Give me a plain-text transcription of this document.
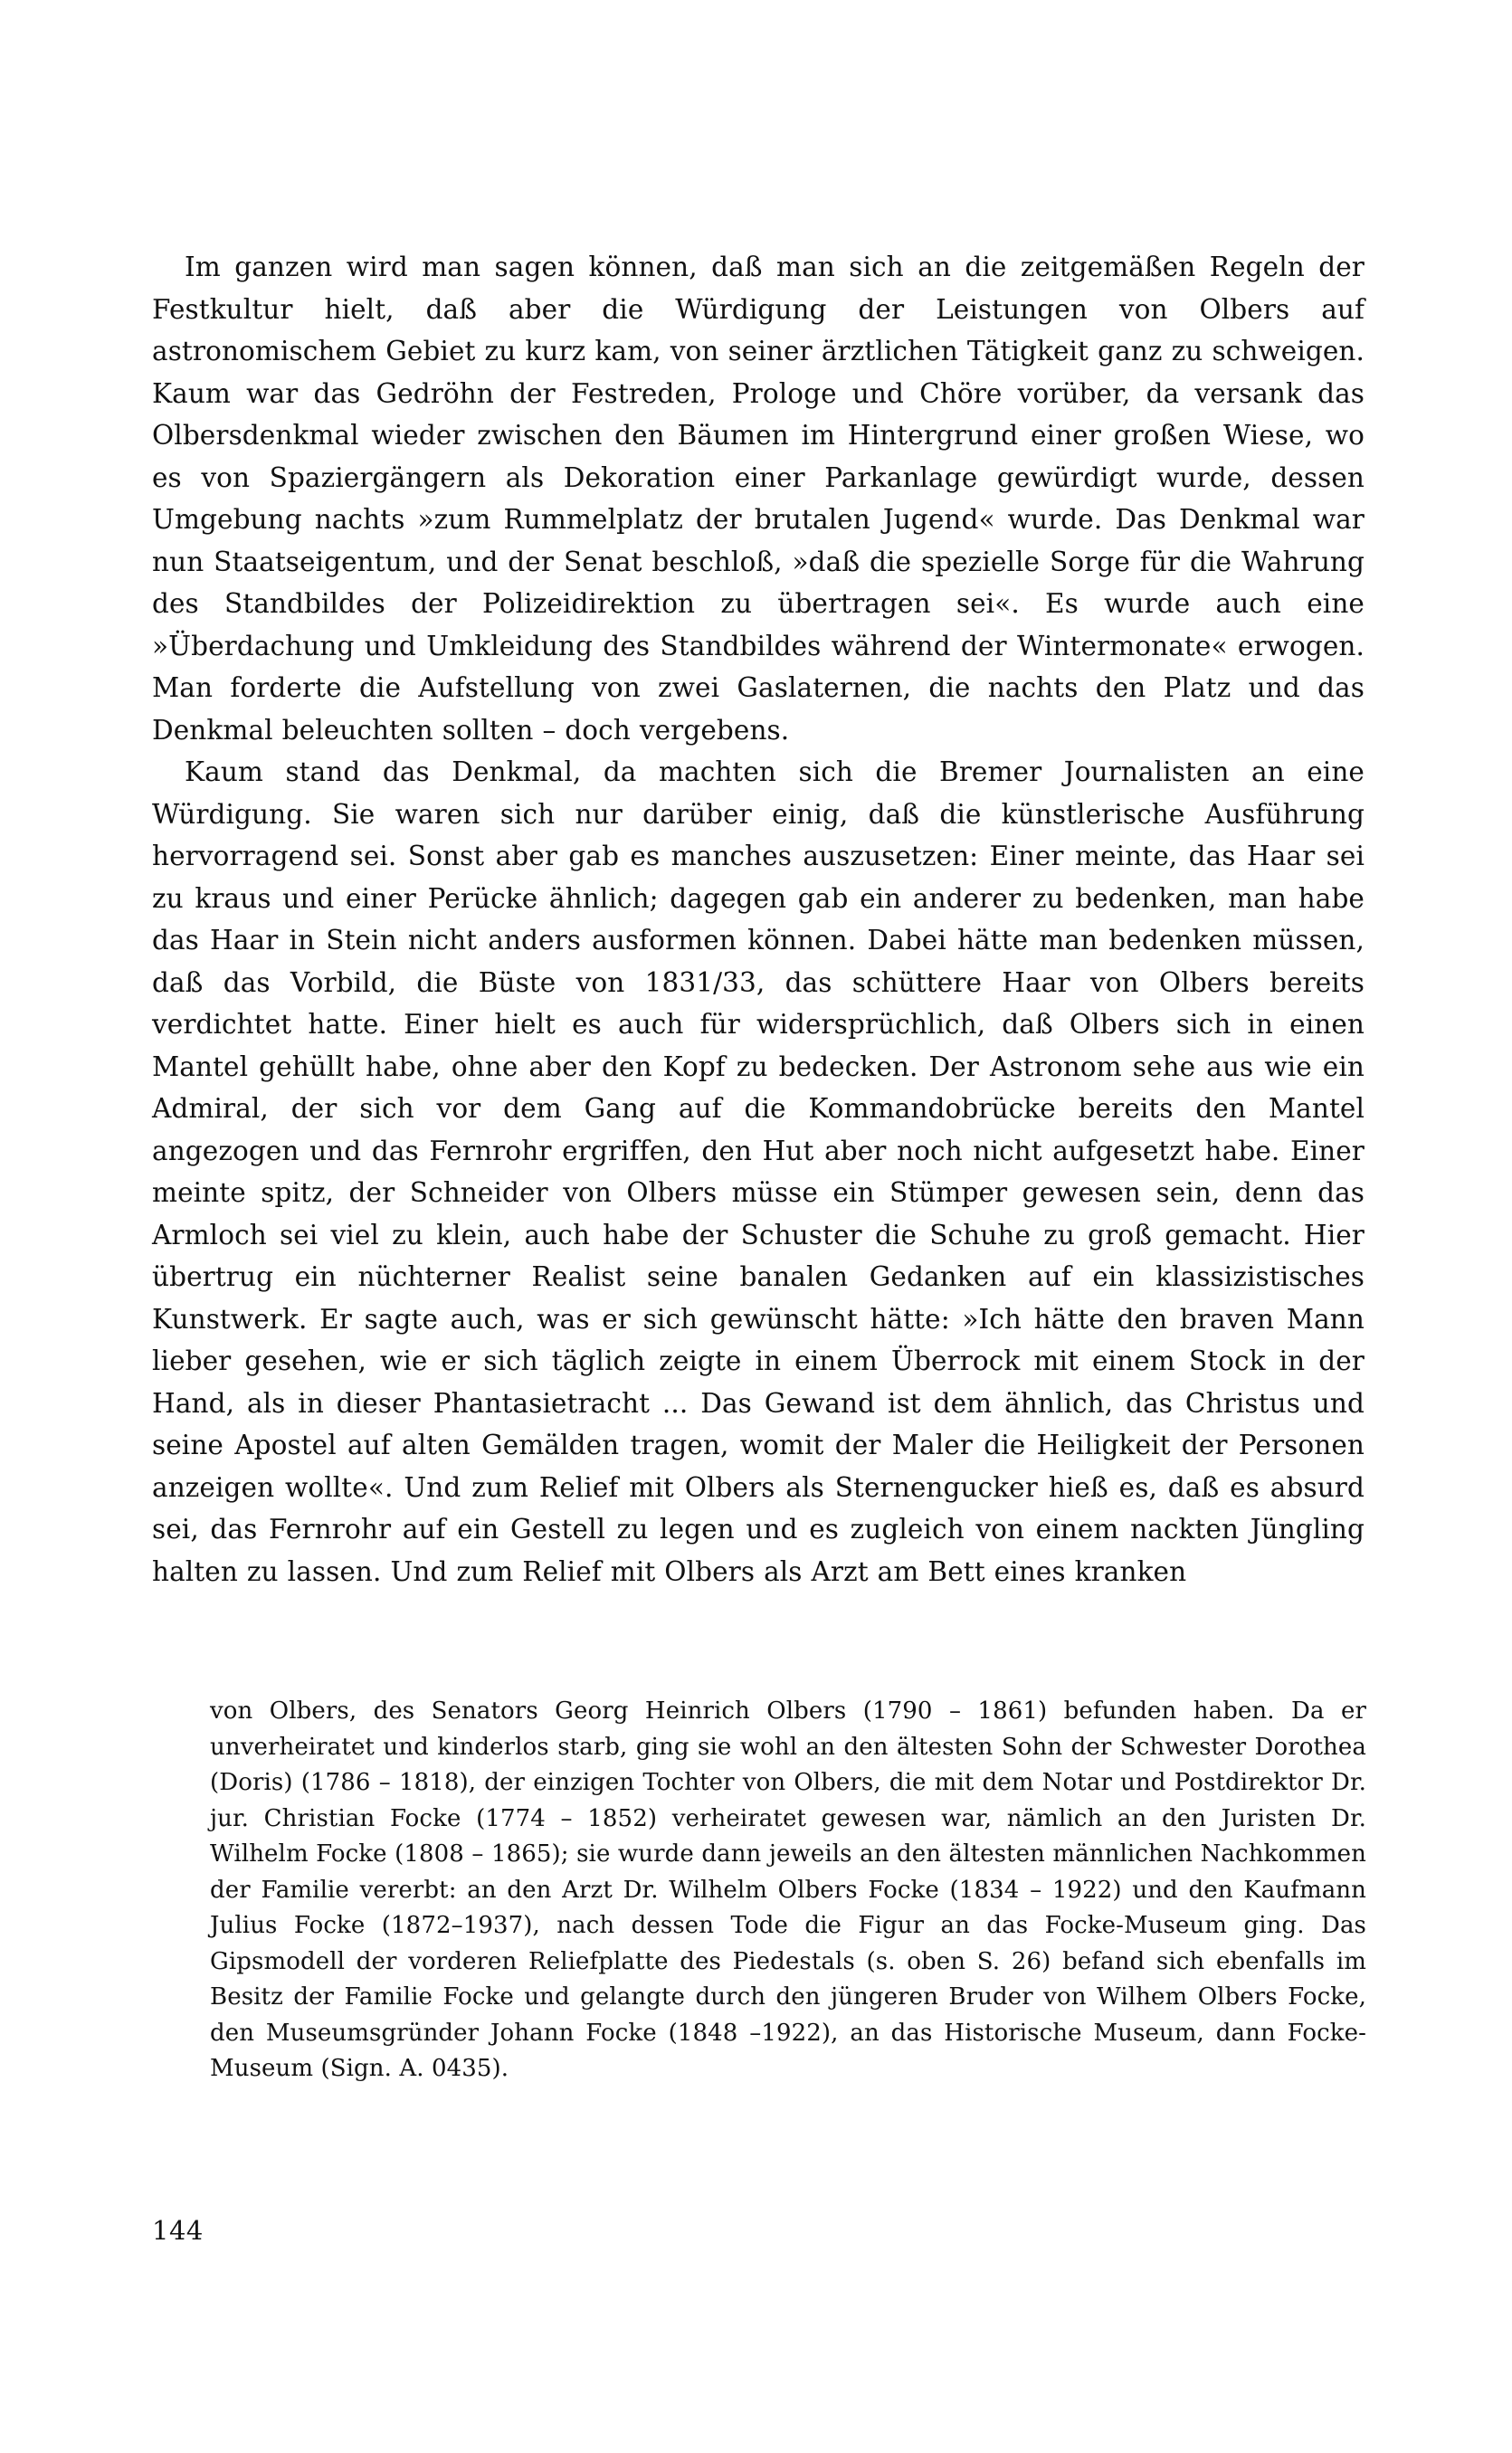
Im ganzen wird man sagen können, daß man sich an die zeitgemäßen Regeln der Festkultur hielt, daß aber die Würdigung der Leistungen von Olbers auf astronomischem Gebiet zu kurz kam, von seiner ärztlichen Tätigkeit ganz zu schweigen. Kaum war das Gedröhn der Festreden, Prologe und Chöre vorüber, da versank das Olbersdenkmal wieder zwischen den Bäumen im Hintergrund einer großen Wiese, wo es von Spaziergängern als Dekoration einer Parkanlage gewürdigt wurde, dessen Umgebung nachts »zum Rummelplatz der brutalen Jugend« wurde. Das Denkmal war nun Staatseigentum, und der Senat beschloß, »daß die spezielle Sorge für die Wahrung des Standbildes der Polizeidirektion zu übertragen sei«. Es wurde auch eine »Überdachung und Umkleidung des Standbildes während der Wintermonate« erwogen. Man forderte die Aufstellung von zwei Gaslaternen, die nachts den Platz und das Denkmal beleuchten sollten – doch vergebens.

Kaum stand das Denkmal, da machten sich die Bremer Journalisten an eine Würdigung. Sie waren sich nur darüber einig, daß die künstlerische Ausführung hervorragend sei. Sonst aber gab es manches auszusetzen: Einer meinte, das Haar sei zu kraus und einer Perücke ähnlich; dagegen gab ein anderer zu bedenken, man habe das Haar in Stein nicht anders ausformen können. Dabei hätte man bedenken müssen, daß das Vorbild, die Büste von 1831/33, das schüttere Haar von Olbers bereits verdichtet hatte. Einer hielt es auch für widersprüchlich, daß Olbers sich in einen Mantel gehüllt habe, ohne aber den Kopf zu bedecken. Der Astronom sehe aus wie ein Admiral, der sich vor dem Gang auf die Kommandobrücke bereits den Mantel angezogen und das Fernrohr ergriffen, den Hut aber noch nicht aufgesetzt habe. Einer meinte spitz, der Schneider von Olbers müsse ein Stümper gewesen sein, denn das Armloch sei viel zu klein, auch habe der Schuster die Schuhe zu groß gemacht. Hier übertrug ein nüchterner Realist seine banalen Gedanken auf ein klassizistisches Kunstwerk. Er sagte auch, was er sich gewünscht hätte: »Ich hätte den braven Mann lieber gesehen, wie er sich täglich zeigte in einem Überrock mit einem Stock in der Hand, als in dieser Phantasietracht ... Das Gewand ist dem ähnlich, das Christus und seine Apostel auf alten Gemälden tragen, womit der Maler die Heiligkeit der Personen anzeigen wollte«. Und zum Relief mit Olbers als Sternengucker hieß es, daß es absurd sei, das Fernrohr auf ein Gestell zu legen und es zugleich von einem nackten Jüngling halten zu lassen. Und zum Relief mit Olbers als Arzt am Bett eines kranken

von Olbers, des Senators Georg Heinrich Olbers (1790 – 1861) befunden haben. Da er unverheiratet und kinderlos starb, ging sie wohl an den ältesten Sohn der Schwester Dorothea (Doris) (1786 – 1818), der einzigen Tochter von Olbers, die mit dem Notar und Postdirektor Dr. jur. Christian Focke (1774 – 1852) verheiratet gewesen war, nämlich an den Juristen Dr. Wilhelm Focke (1808 – 1865); sie wurde dann jeweils an den ältesten männlichen Nachkommen der Familie vererbt: an den Arzt Dr. Wilhelm Olbers Focke (1834 – 1922) und den Kaufmann Julius Focke (1872–1937), nach dessen Tode die Figur an das Focke-Museum ging. Das Gipsmodell der vorderen Reliefplatte des Piedestals (s. oben S. 26) befand sich ebenfalls im Besitz der Familie Focke und gelangte durch den jüngeren Bruder von Wilhem Olbers Focke, den Museumsgründer Johann Focke (1848 –1922), an das Historische Museum, dann Focke-Museum (Sign. A. 0435).

144
